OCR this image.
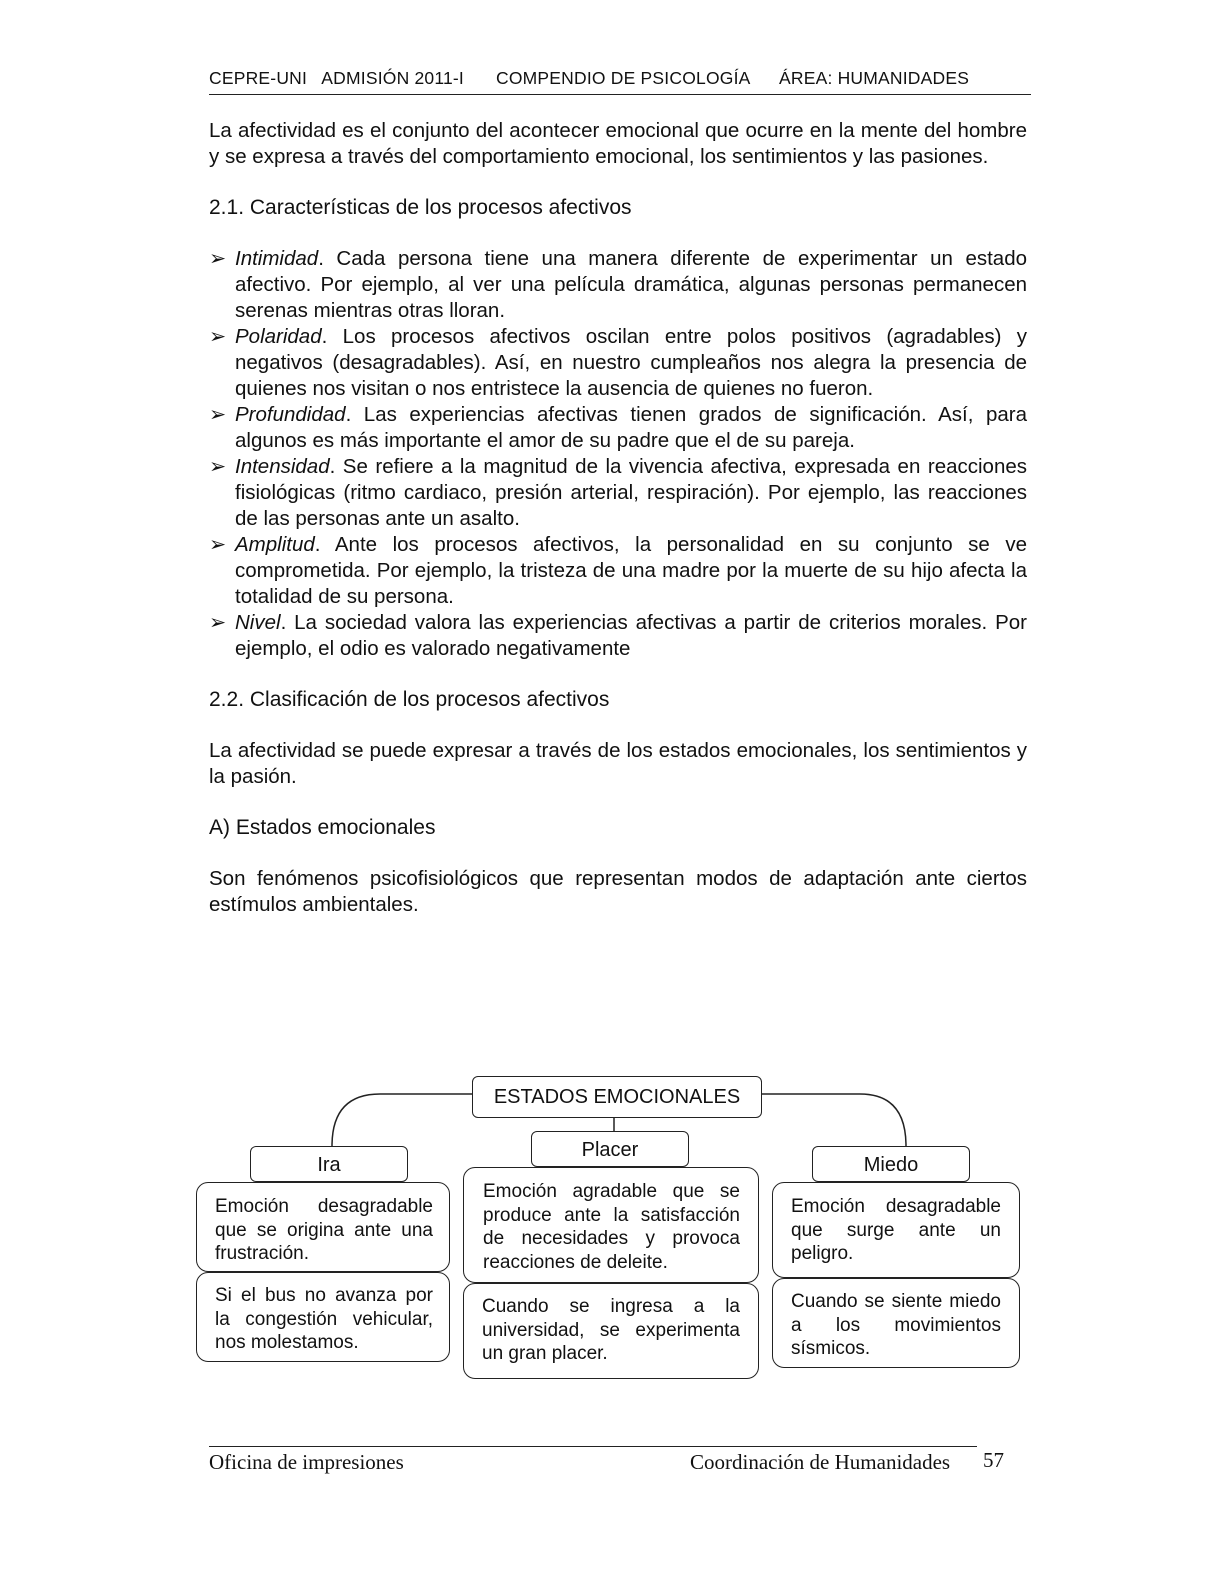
CEPRE-UNI   ADMISIÓN 2011-I COMPENDIO DE PSICOLOGÍA ÁREA: HUMANIDADES

La afectividad es el conjunto del acontecer emocional que ocurre en la mente del hombre y se expresa a través del comportamiento emocional, los sentimientos y las pasiones.

2.1. Características de los procesos afectivos

➢ Intimidad. Cada persona tiene una manera diferente de experimentar un estado afectivo. Por ejemplo, al ver una película dramática, algunas personas permanecen serenas mientras otras lloran.

➢ Polaridad. Los procesos afectivos oscilan entre polos positivos (agradables) y negativos (desagradables). Así, en nuestro cumpleaños nos alegra la presencia de quienes nos visitan o nos entristece la ausencia de quienes no fueron.

➢ Profundidad. Las experiencias afectivas tienen grados de significación. Así, para algunos es más importante el amor de su padre que el de su pareja.

➢ Intensidad. Se refiere a la magnitud de la vivencia afectiva, expresada en reacciones fisiológicas (ritmo cardiaco, presión arterial, respiración). Por ejemplo, las reacciones de las personas ante un asalto.

➢ Amplitud. Ante los procesos afectivos, la personalidad en su conjunto se ve comprometida. Por ejemplo, la tristeza de una madre por la muerte de su hijo afecta la totalidad de su persona.

➢ Nivel. La sociedad valora las experiencias afectivas a partir de criterios morales. Por ejemplo, el odio es valorado negativamente

2.2. Clasificación de los procesos afectivos

La afectividad se puede expresar a través de los estados emocionales, los sentimientos y la pasión.

A) Estados emocionales

Son fenómenos psicofisiológicos que representan modos de adaptación ante ciertos estímulos ambientales.

ESTADOS EMOCIONALES
Ira
Emoción desagradable que se origina ante una frustración.
Si el bus no avanza por la congestión vehicular, nos molestamos.
Placer
Emoción agradable que se produce ante la satisfacción de necesidades y provoca reacciones de deleite.
Cuando se ingresa a la universidad, se experimenta un gran placer.
Miedo
Emoción desagradable que surge ante un peligro.
Cuando se siente miedo a los movimientos sísmicos.
Oficina de impresiones	Coordinación de Humanidades 57
